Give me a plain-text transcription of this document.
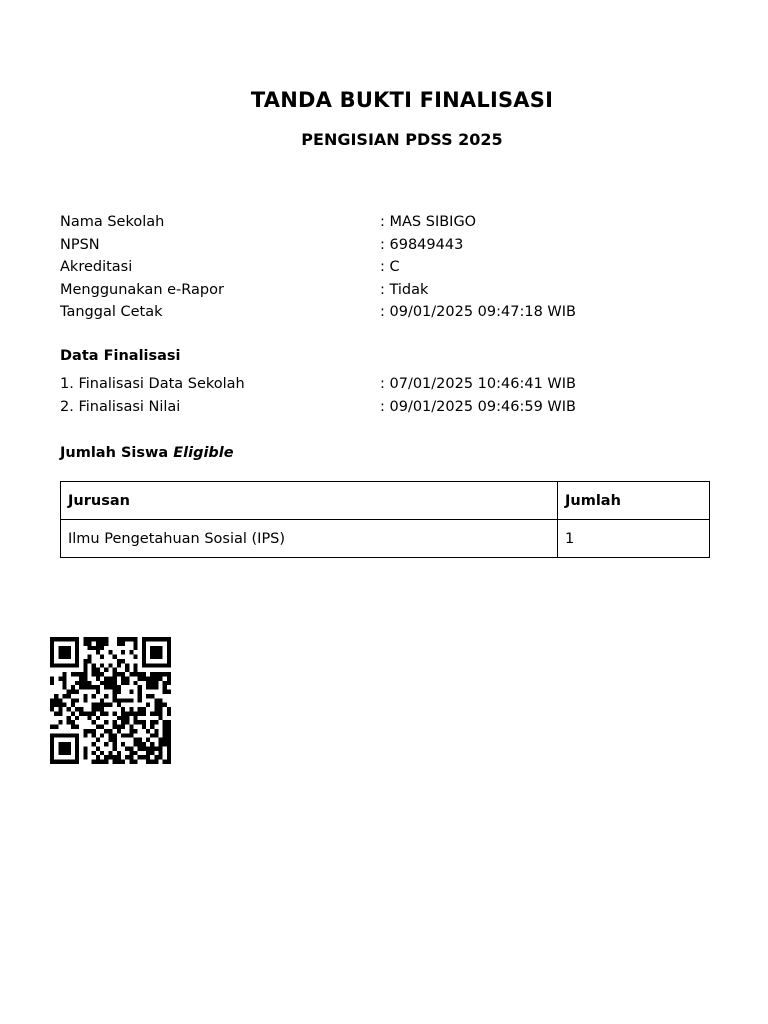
TANDA BUKTI FINALISASI
PENGISIAN PDSS 2025
Nama Sekolah	: MAS SIBIGO
NPSN	: 69849443
Akreditasi	: C
Menggunakan e-Rapor	: Tidak
Tanggal Cetak	: 09/01/2025 09:47:18 WIB
Data Finalisasi
1. Finalisasi Data Sekolah	: 07/01/2025 10:46:41 WIB
2. Finalisasi Nilai	: 09/01/2025 09:46:59 WIB
Jumlah Siswa Eligible
Jurusan	Jumlah
Ilmu Pengetahuan Sosial (IPS)	1
